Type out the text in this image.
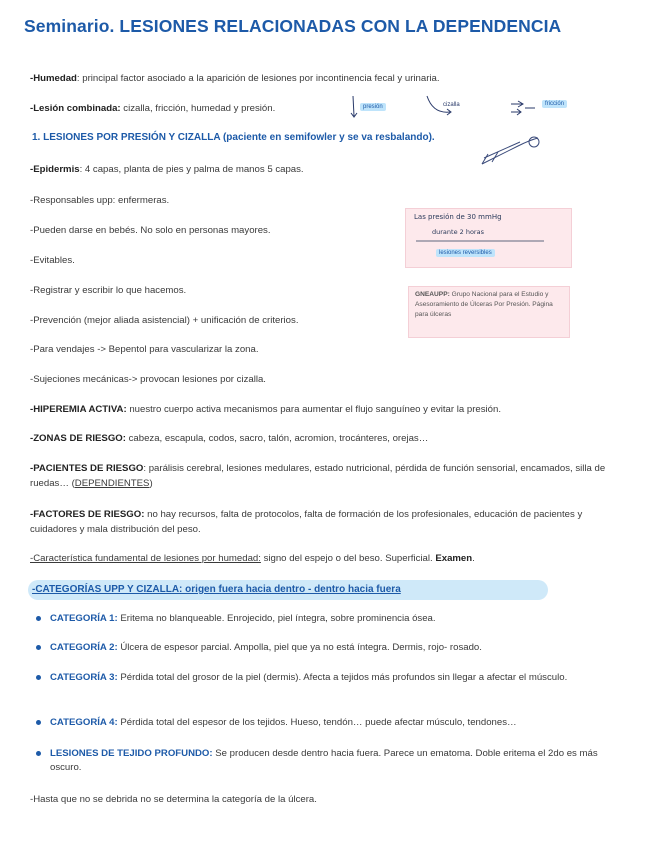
Seminario. LESIONES RELACIONADAS CON LA DEPENDENCIA
-Humedad: principal factor asociado a la aparición de lesiones por incontinencia fecal y urinaria.
-Lesión combinada: cizalla, fricción, humedad y presión.	presión	cizalla	fricción
1. LESIONES POR PRESIÓN Y CIZALLA (paciente en semifowler y se va resbalando).
-Epidermis: 4 capas, planta de pies y palma de manos 5 capas.
-Responsables upp: enfermeras.
-Pueden darse en bebés. No solo en personas mayores.
-Evitables.
-Registrar y escribir lo que hacemos.
-Prevención (mejor aliada asistencial) + unificación de criterios.
-Para vendajes -> Bepentol para vascularizar la zona.
-Sujeciones mecánicas-> provocan lesiones por cizalla.
Las presión de 30 mmHg
durante 2 horas
lesiones reversibles
GNEAUPP: Grupo Nacional para el Estudio y Asesoramiento de Úlceras Por Presión. Página para úlceras
-HIPEREMIA ACTIVA: nuestro cuerpo activa mecanismos para aumentar el flujo sanguíneo y evitar la presión.
-ZONAS DE RIESGO: cabeza, escapula, codos, sacro, talón, acromion, trocánteres, orejas…
-PACIENTES DE RIESGO: parálisis cerebral, lesiones medulares, estado nutricional, pérdida de función sensorial, encamados, silla de ruedas… (DEPENDIENTES)
-FACTORES DE RIESGO: no hay recursos, falta de protocolos, falta de formación de los profesionales, educación de pacientes y cuidadores y mala distribución del peso.
-Característica fundamental de lesiones por humedad: signo del espejo o del beso. Superficial. Examen.
-CATEGORÍAS UPP Y CIZALLA: origen fuera hacia dentro - dentro hacia fuera
CATEGORÍA 1: Eritema no blanqueable. Enrojecido, piel íntegra, sobre prominencia ósea.
CATEGORÍA 2: Úlcera de espesor parcial. Ampolla, piel que ya no está íntegra. Dermis, rojo- rosado.
CATEGORÍA 3: Pérdida total del grosor de la piel (dermis). Afecta a tejidos más profundos sin llegar a afectar el músculo.
CATEGORÍA 4: Pérdida total del espesor de los tejidos. Hueso, tendón… puede afectar músculo, tendones…
LESIONES DE TEJIDO PROFUNDO: Se producen desde dentro hacia fuera. Parece un ematoma. Doble eritema el 2do es más oscuro.
-Hasta que no se debrida no se determina la categoría de la úlcera.
